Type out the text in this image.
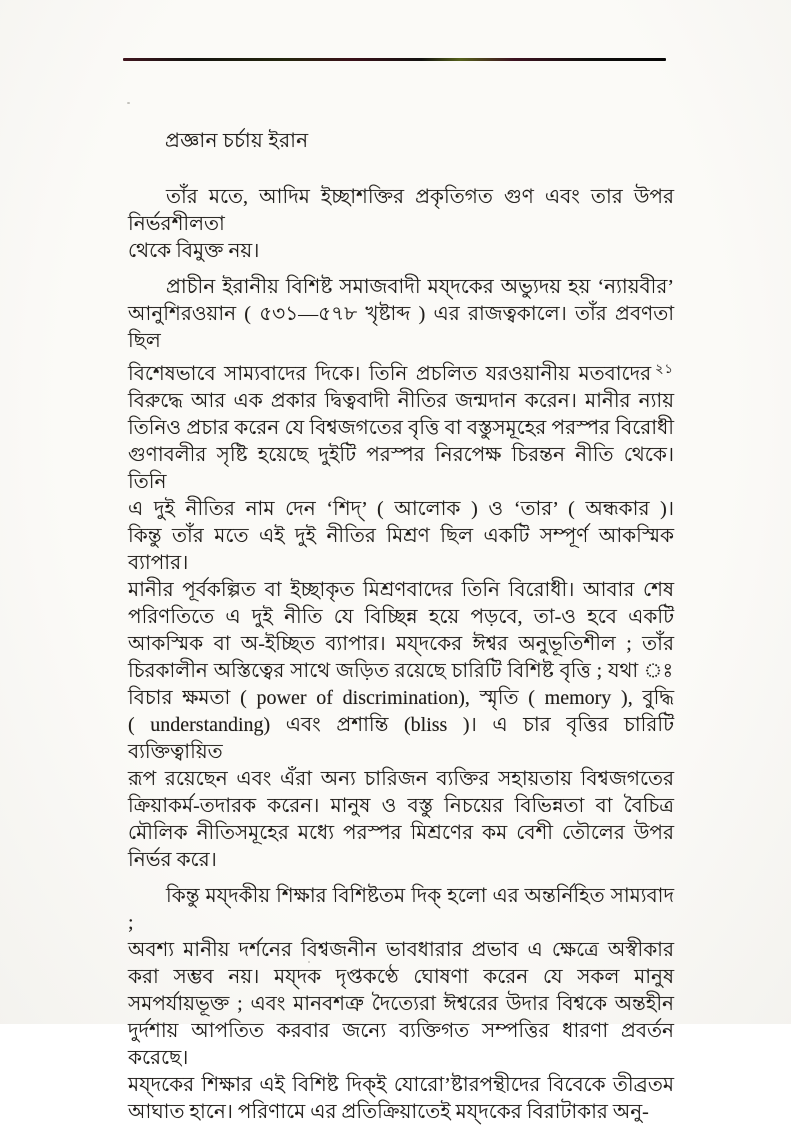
প্রজ্ঞান চর্চায় ইরান
তাঁর মতে, আদিম ইচ্ছাশক্তির প্রকৃতিগত গুণ এবং তার উপর নির্ভরশীলতা
থেকে বিমুক্ত নয়।
প্রাচীন ইরানীয় বিশিষ্ট সমাজবাদী ময্‌দকের অভ্যুদয় হয় ‘ন্যায়বীর’
আনুশিরওয়ান ( ৫৩১—৫৭৮ খৃষ্টাব্দ ) এর রাজত্বকালে। তাঁর প্রবণতা ছিল
বিশেষভাবে সাম্যবাদের দিকে। তিনি প্রচলিত যরওয়ানীয় মতবাদের $^{২১}$
বিরুদ্ধে আর এক প্রকার দ্বিত্ববাদী নীতির জন্মদান করেন। মানীর ন্যায়
তিনিও প্রচার করেন যে বিশ্বজগতের বৃত্তি বা বস্তুসমূহের পরস্পর বিরোধী
গুণাবলীর সৃষ্টি হয়েছে দুইটি পরস্পর নিরপেক্ষ চিরন্তন নীতি থেকে। তিনি
এ দুই নীতির নাম দেন ‘শিদ্‌’ ( আলোক ) ও ‘তার’ ( অন্ধকার )।
কিন্তু তাঁর মতে এই দুই নীতির মিশ্রণ ছিল একটি সম্পূর্ণ আকস্মিক ব্যাপার।
মানীর পূর্বকল্পিত বা ইচ্ছাকৃত মিশ্রণবাদের তিনি বিরোধী। আবার শেষ
পরিণতিতে এ দুই নীতি যে বিচ্ছিন্ন হয়ে পড়বে, তা-ও হবে একটি
আকস্মিক বা অ-ইচ্ছিত ব্যাপার। ময্‌দকের ঈশ্বর অনুভূতিশীল ; তাঁর
চিরকালীন অস্তিত্বের সাথে জড়িত রয়েছে চারিটি বিশিষ্ট বৃত্তি ; যথা ঃ
বিচার ক্ষমতা ( power of discrimination), স্মৃতি ( memory ), বুদ্ধি
( understanding) এবং প্রশান্তি (bliss )। এ চার বৃত্তির চারিটি ব্যক্তিত্বায়িত
রূপ রয়েছেন এবং এঁরা অন্য চারিজন ব্যক্তির সহায়তায় বিশ্বজগতের
ক্রিয়াকর্ম-তদারক করেন। মানুষ ও বস্তু নিচয়ের বিভিন্নতা বা বৈচিত্র
মৌলিক নীতিসমূহের মধ্যে পরস্পর মিশ্রণের কম বেশী তৌলের উপর
নির্ভর করে।
কিন্তু ময্‌দকীয় শিক্ষার বিশিষ্টতম দিক্‌ হলো এর অন্তর্নিহিত সাম্যবাদ ;
অবশ্য মানীয় দর্শনের বিশ্বজনীন ভাবধারার প্রভাব এ ক্ষেত্রে অস্বীকার
করা সম্ভব নয়। ময্‌দক দৃপ্তকণ্ঠে ঘোষণা করেন যে সকল মানুষ
সমপর্যায়ভূক্ত ; এবং মানবশত্রু দৈত্যেরা ঈশ্বরের উদার বিশ্বকে অন্তহীন
দুর্দশায় আপতিত করবার জন্যে ব্যক্তিগত সম্পত্তির ধারণা প্রবর্তন করেছে।
ময্‌দকের শিক্ষার এই বিশিষ্ট দিক্‌ই যোরো’ষ্টারপন্থীদের বিবেকে তীব্রতম
আঘাত হানে। পরিণামে এর প্রতিক্রিয়াতেই ময্‌দকের বিরাটাকার অনু-
